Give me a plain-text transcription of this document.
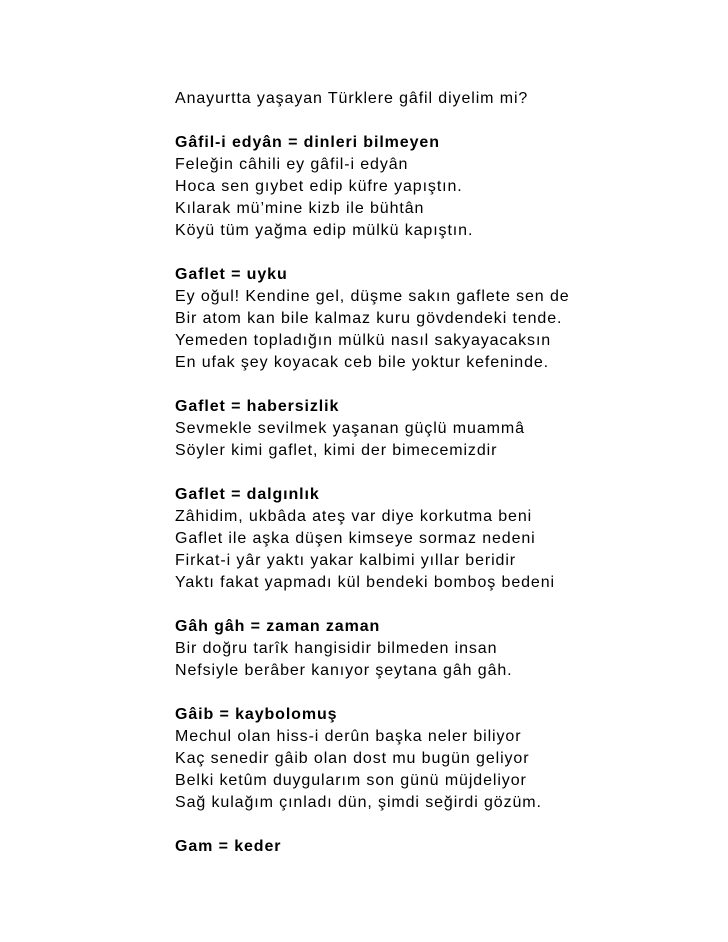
Anayurtta yaşayan Türklere gâfil diyelim mi?
Gâfil-i edyân = dinleri bilmeyen
Feleğin câhili ey gâfil-i edyân
Hoca sen gıybet edip küfre yapıştın.
Kılarak mü’mine kizb ile bühtân
Köyü tüm yağma edip mülkü kapıştın.
Gaflet = uyku
Ey oğul! Kendine gel, düşme sakın gaflete sen de
Bir atom kan bile kalmaz kuru gövdendeki tende.
Yemeden topladığın mülkü nasıl sakyayacaksın
En ufak şey koyacak ceb bile yoktur kefeninde.
Gaflet = habersizlik
Sevmekle sevilmek yaşanan güçlü muammâ
Söyler kimi gaflet, kimi der bimecemizdir
Gaflet = dalgınlık
Zâhidim, ukbâda ateş var diye korkutma beni
Gaflet ile aşka düşen kimseye sormaz nedeni
Firkat-i yâr yaktı yakar kalbimi yıllar beridir
Yaktı fakat yapmadı kül bendeki bomboş bedeni
Gâh gâh = zaman zaman
Bir doğru tarîk hangisidir bilmeden insan
Nefsiyle berâber kanıyor şeytana gâh gâh.
Gâib = kaybolomuş
Mechul olan hiss-i derûn başka neler biliyor
Kaç senedir gâib olan dost mu bugün geliyor
Belki ketûm duygularım son günü müjdeliyor
Sağ kulağım çınladı dün, şimdi seğirdi gözüm.
Gam = keder
